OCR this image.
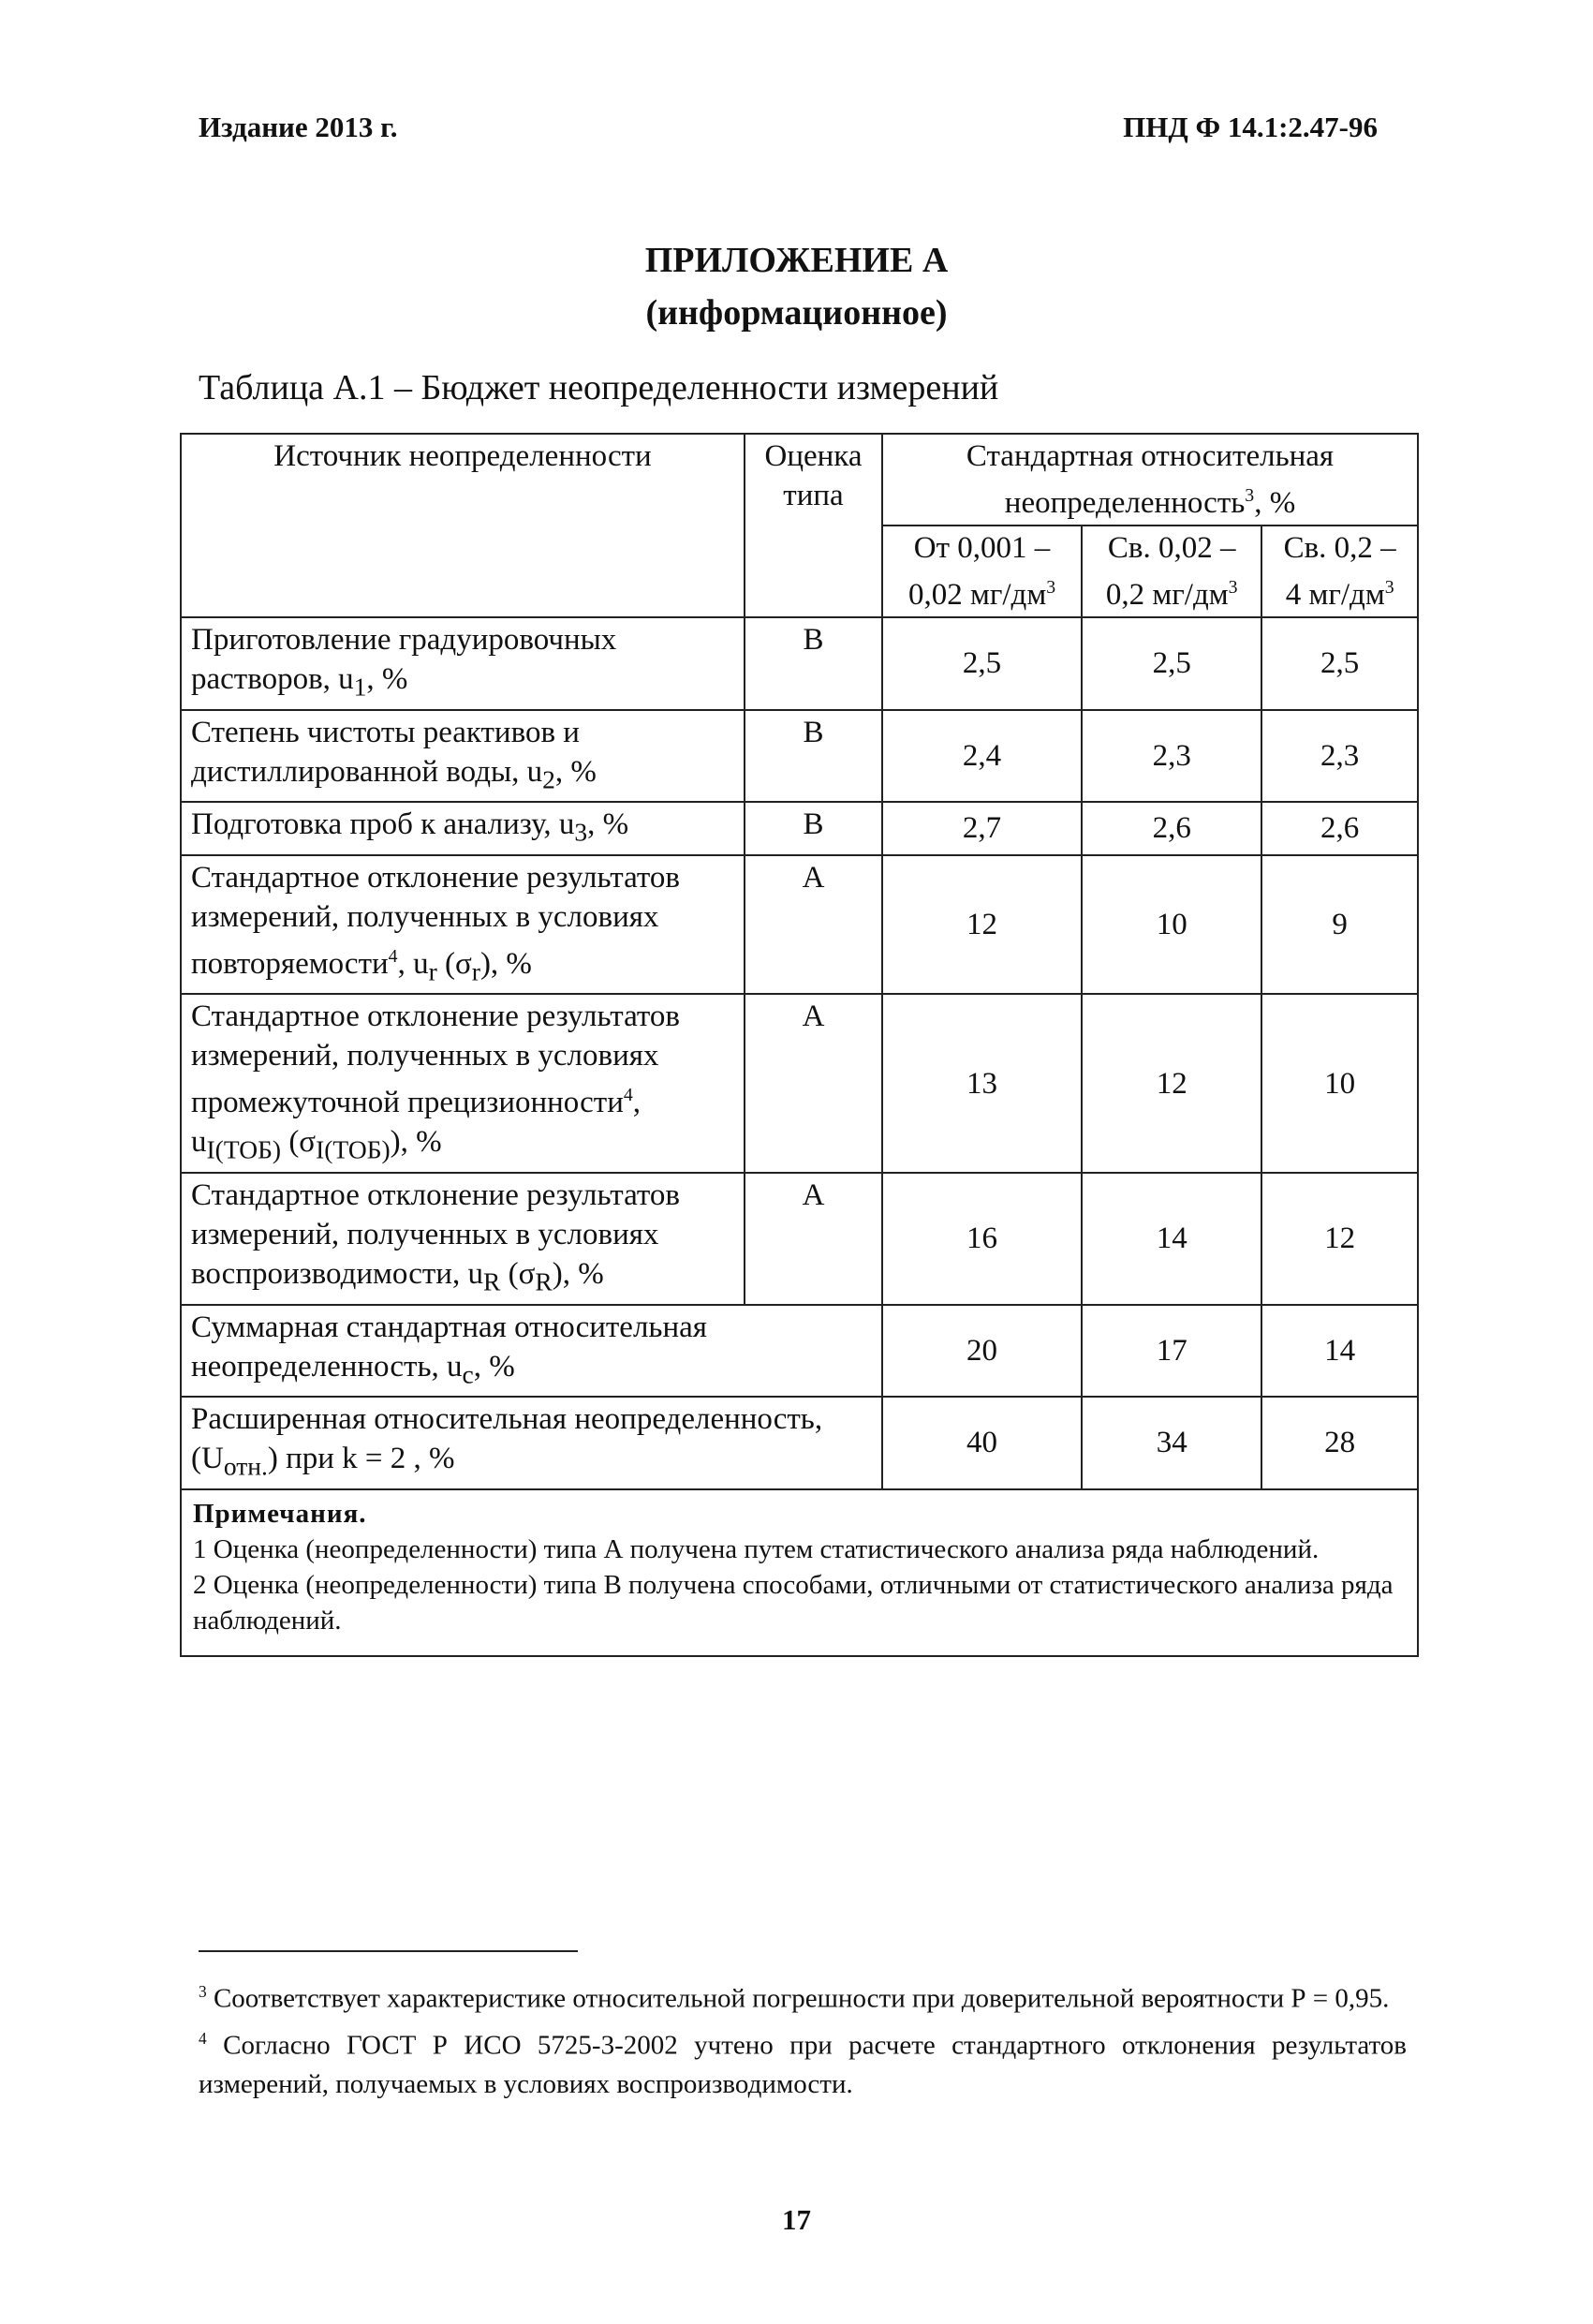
Издание 2013 г.	ПНД Ф 14.1:2.47-96
ПРИЛОЖЕНИЕ А
(информационное)
Таблица А.1 – Бюджет неопределенности измерений
Источник неопределенности	Оценка типа	Стандартная относительная неопределенность$^3$, %		
		От 0,001 – 0,02 $мг/дм^3$	Св. 0,02 – 0,2 $мг/дм^3$	Св. 0,2 – 4 $мг/дм^3$
Приготовление градуировочных растворов, $u_1$, %	B	2,5	2,5	2,5
Степень чистоты реактивов и дистиллированной воды, $u_2$, %	B	2,4	2,3	2,3
Подготовка проб к анализу, $u_3$, %	B	2,7	2,6	2,6
Стандартное отклонение результатов измерений, полученных в условиях повторяемости$^4$, $u_r$ $(\sigma_r)$, %	A	12	10	9
Стандартное отклонение результатов измерений, полученных в условиях промежуточной прецизионности$^4$, $u_{I(ТОБ)}$ $(\sigma_{I(ТОБ)})$, %	A	13	12	10
Стандартное отклонение результатов измерений, полученных в условиях воспроизводимости, $u_R$ $(\sigma_R)$, %	A	16	14	12
Суммарная стандартная относительная неопределенность, $u_c$, %		20	17	14
Расширенная относительная неопределенность, $(U_{отн.})$ при k = 2 , %		40	34	28

Примечания.
1 Оценка (неопределенности) типа А получена путем статистического анализа ряда наблюдений.
2 Оценка (неопределенности) типа В получена способами, отличными от статистического анализа ряда наблюдений.				
$^3$ Соответствует характеристике относительной погрешности при доверительной вероятности Р = 0,95.
$^4$ Согласно ГОСТ Р ИСО 5725-3-2002 учтено при расчете стандартного отклонения результатов измерений, получаемых в условиях воспроизводимости.
17
